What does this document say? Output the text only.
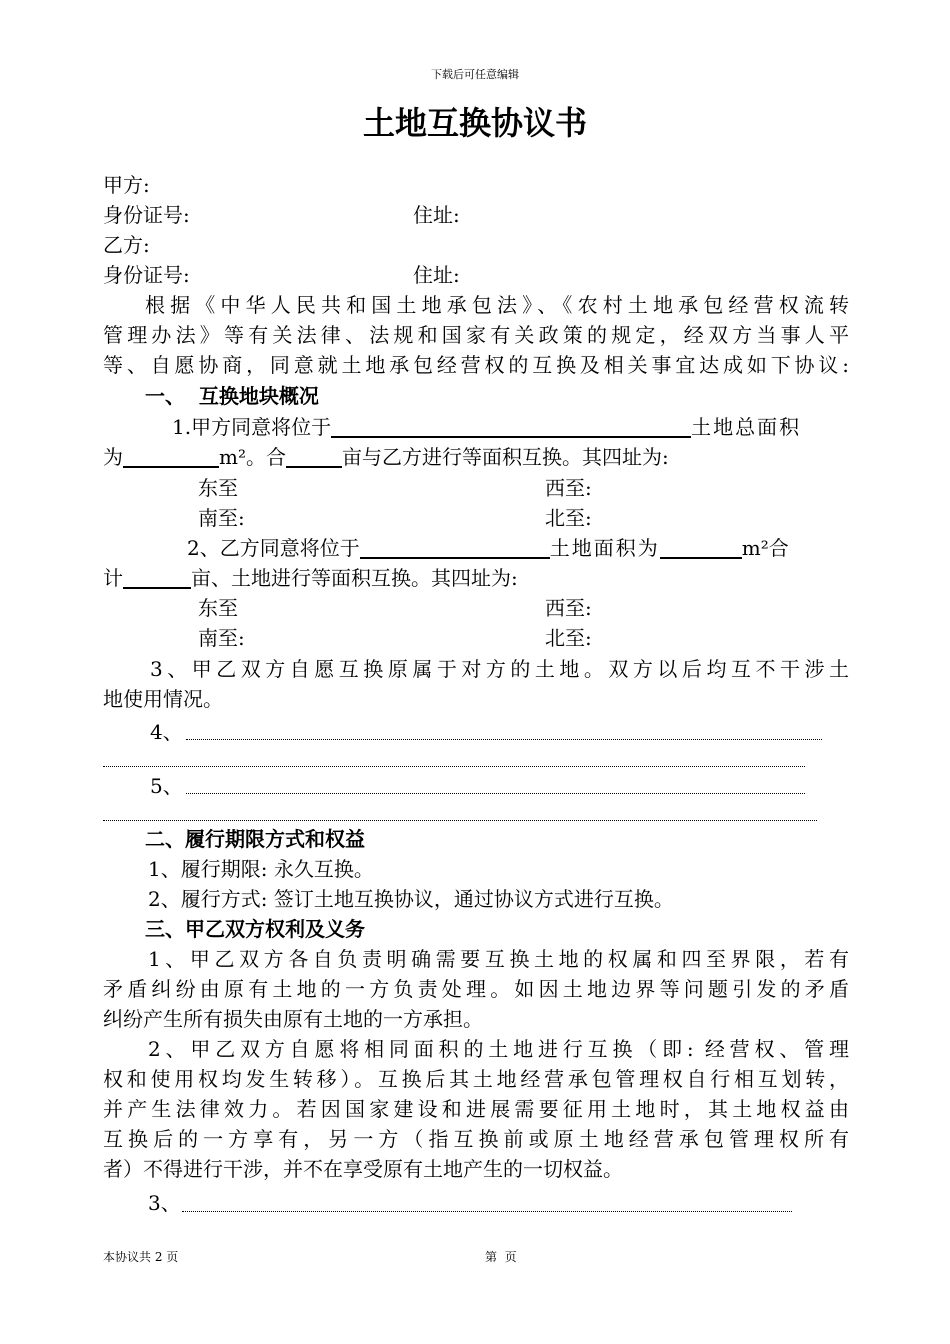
下载后可任意编辑
土地互换协议书
甲方:
身份证号:	住址:
乙方:
身份证号:	住址:
根据《中华人民共和国土地承包法》、《农村土地承包经营权流转
管理办法》等有关法律、法规和国家有关政策的规定，经双方当事人平
等、自愿协商，同意就土地承包经营权的互换及相关事宜达成如下协议:
一、  互换地块概况
1.甲方同意将位于	土地总面积
为	m²。合	亩与乙方进行等面积互换。其四址为:
东至	西至:
南至:	北至:
2、乙方同意将位于	土地面积为	m²合
计	亩、土地进行等面积互换。其四址为:
东至	西至:
南至:	北至:
3、甲乙双方自愿互换原属于对方的土地。双方以后均互不干涉土
地使用情况。
4、
5、
二、履行期限方式和权益
1、履行期限: 永久互换。
2、履行方式: 签订土地互换协议，通过协议方式进行互换。
三、甲乙双方权利及义务
1、甲乙双方各自负责明确需要互换土地的权属和四至界限，若有
矛盾纠纷由原有土地的一方负责处理。如因土地边界等问题引发的矛盾
纠纷产生所有损失由原有土地的一方承担。
2、甲乙双方自愿将相同面积的土地进行互换（即: 经营权、管理
权和使用权均发生转移）。互换后其土地经营承包管理权自行相互划转，
并产生法律效力。若因国家建设和进展需要征用土地时，其土地权益由
互换后的一方享有，另一方（指互换前或原土地经营承包管理权所有
者）不得进行干涉，并不在享受原有土地产生的一切权益。
3、
本协议共 2 页	第  页
